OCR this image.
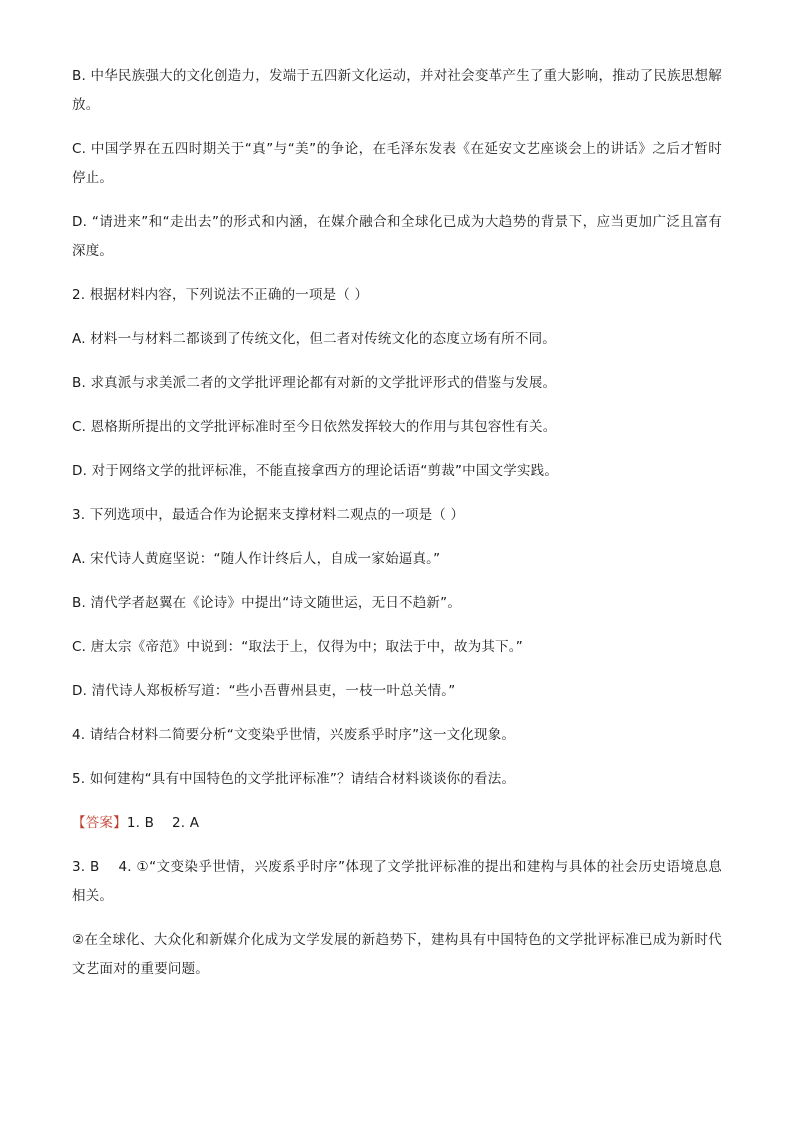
B. 中华民族强大的文化创造力，发端于五四新文化运动，并对社会变革产生了重大影响，推动了民族思想解放。

C. 中国学界在五四时期关于“真”与“美”的争论，在毛泽东发表《在延安文艺座谈会上的讲话》之后才暂时停止。

D. “请进来”和“走出去”的形式和内涵，在媒介融合和全球化已成为大趋势的背景下，应当更加广泛且富有深度。

2. 根据材料内容，下列说法不正确的一项是（ ）

A. 材料一与材料二都谈到了传统文化，但二者对传统文化的态度立场有所不同。

B. 求真派与求美派二者的文学批评理论都有对新的文学批评形式的借鉴与发展。

C. 恩格斯所提出的文学批评标准时至今日依然发挥较大的作用与其包容性有关。

D. 对于网络文学的批评标准，不能直接拿西方的理论话语“剪裁”中国文学实践。

3. 下列选项中，最适合作为论据来支撑材料二观点的一项是（ ）

A. 宋代诗人黄庭坚说：“随人作计终后人，自成一家始逼真。”

B. 清代学者赵翼在《论诗》中提出“诗文随世运，无日不趋新”。

C. 唐太宗《帝范》中说到：“取法于上，仅得为中；取法于中，故为其下。”

D. 清代诗人郑板桥写道：“些小吾曹州县吏，一枝一叶总关情。”

4. 请结合材料二简要分析“文变染乎世情，兴废系乎时序”这一文化现象。

5. 如何建构“具有中国特色的文学批评标准”？请结合材料谈谈你的看法。

【答案】1. B    2. A

3. B    4. ①“文变染乎世情，兴废系乎时序”体现了文学批评标准的提出和建构与具体的社会历史语境息息相关。

②在全球化、大众化和新媒介化成为文学发展的新趋势下，建构具有中国特色的文学批评标准已成为新时代文艺面对的重要问题。
